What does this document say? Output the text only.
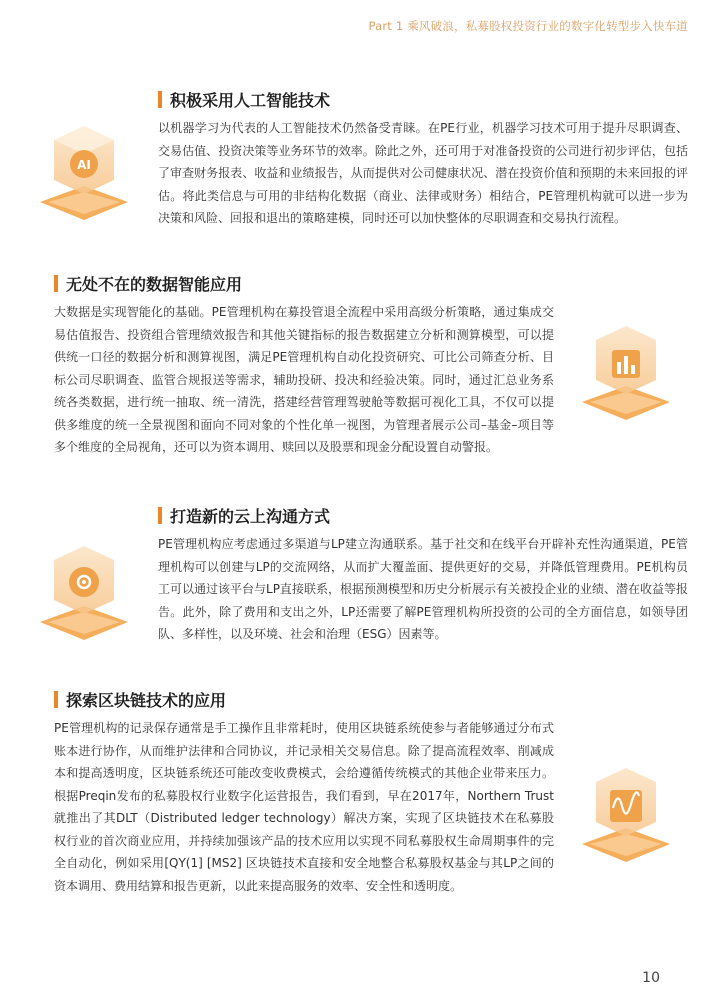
Part 1 乘风破浪，私募股权投资行业的数字化转型步入快车道
AI
积极采用人工智能技术
以机器学习为代表的人工智能技术仍然备受青睐。在PE行业，机器学习技术可用于提升尽职调查、交易估值、投资决策等业务环节的效率。除此之外，还可用于对准备投资的公司进行初步评估，包括了审查财务报表、收益和业绩报告，从而提供对公司健康状况、潜在投资价值和预期的未来回报的评估。将此类信息与可用的非结构化数据（商业、法律或财务）相结合，PE管理机构就可以进一步为决策和风险、回报和退出的策略建模，同时还可以加快整体的尽职调查和交易执行流程。
无处不在的数据智能应用
大数据是实现智能化的基础。PE管理机构在募投管退全流程中采用高级分析策略，通过集成交易估值报告、投资组合管理绩效报告和其他关键指标的报告数据建立分析和测算模型，可以提供统一口径的数据分析和测算视图，满足PE管理机构自动化投资研究、可比公司筛查分析、目标公司尽职调查、监管合规报送等需求，辅助投研、投决和经验决策。同时，通过汇总业务系统各类数据，进行统一抽取、统一清洗，搭建经营管理驾驶舱等数据可视化工具，不仅可以提供多维度的统一全景视图和面向不同对象的个性化单一视图，为管理者展示公司–基金–项目等多个维度的全局视角，还可以为资本调用、赎回以及股票和现金分配设置自动警报。
打造新的云上沟通方式
PE管理机构应考虑通过多渠道与LP建立沟通联系。基于社交和在线平台开辟补充性沟通渠道，PE管理机构可以创建与LP的交流网络，从而扩大覆盖面、提供更好的交易，并降低管理费用。PE机构员工可以通过该平台与LP直接联系，根据预测模型和历史分析展示有关被投企业的业绩、潜在收益等报告。此外，除了费用和支出之外，LP还需要了解PE管理机构所投资的公司的全方面信息，如领导团队、多样性，以及环境、社会和治理（ESG）因素等。
探索区块链技术的应用
PE管理机构的记录保存通常是手工操作且非常耗时，使用区块链系统使参与者能够通过分布式账本进行协作，从而维护法律和合同协议，并记录相关交易信息。除了提高流程效率、削减成本和提高透明度，区块链系统还可能改变收费模式，会给遵循传统模式的其他企业带来压力。根据Preqin发布的私募股权行业数字化运营报告，我们看到，早在2017年，Northern Trust 就推出了其DLT（Distributed ledger technology）解决方案，实现了区块链技术在私募股权行业的首次商业应用，并持续加强该产品的技术应用以实现不同私募股权生命周期事件的完全自动化，例如采用[QY(1] [MS2] 区块链技术直接和安全地整合私募股权基金与其LP之间的资本调用、费用结算和报告更新，以此来提高服务的效率、安全性和透明度。
10
